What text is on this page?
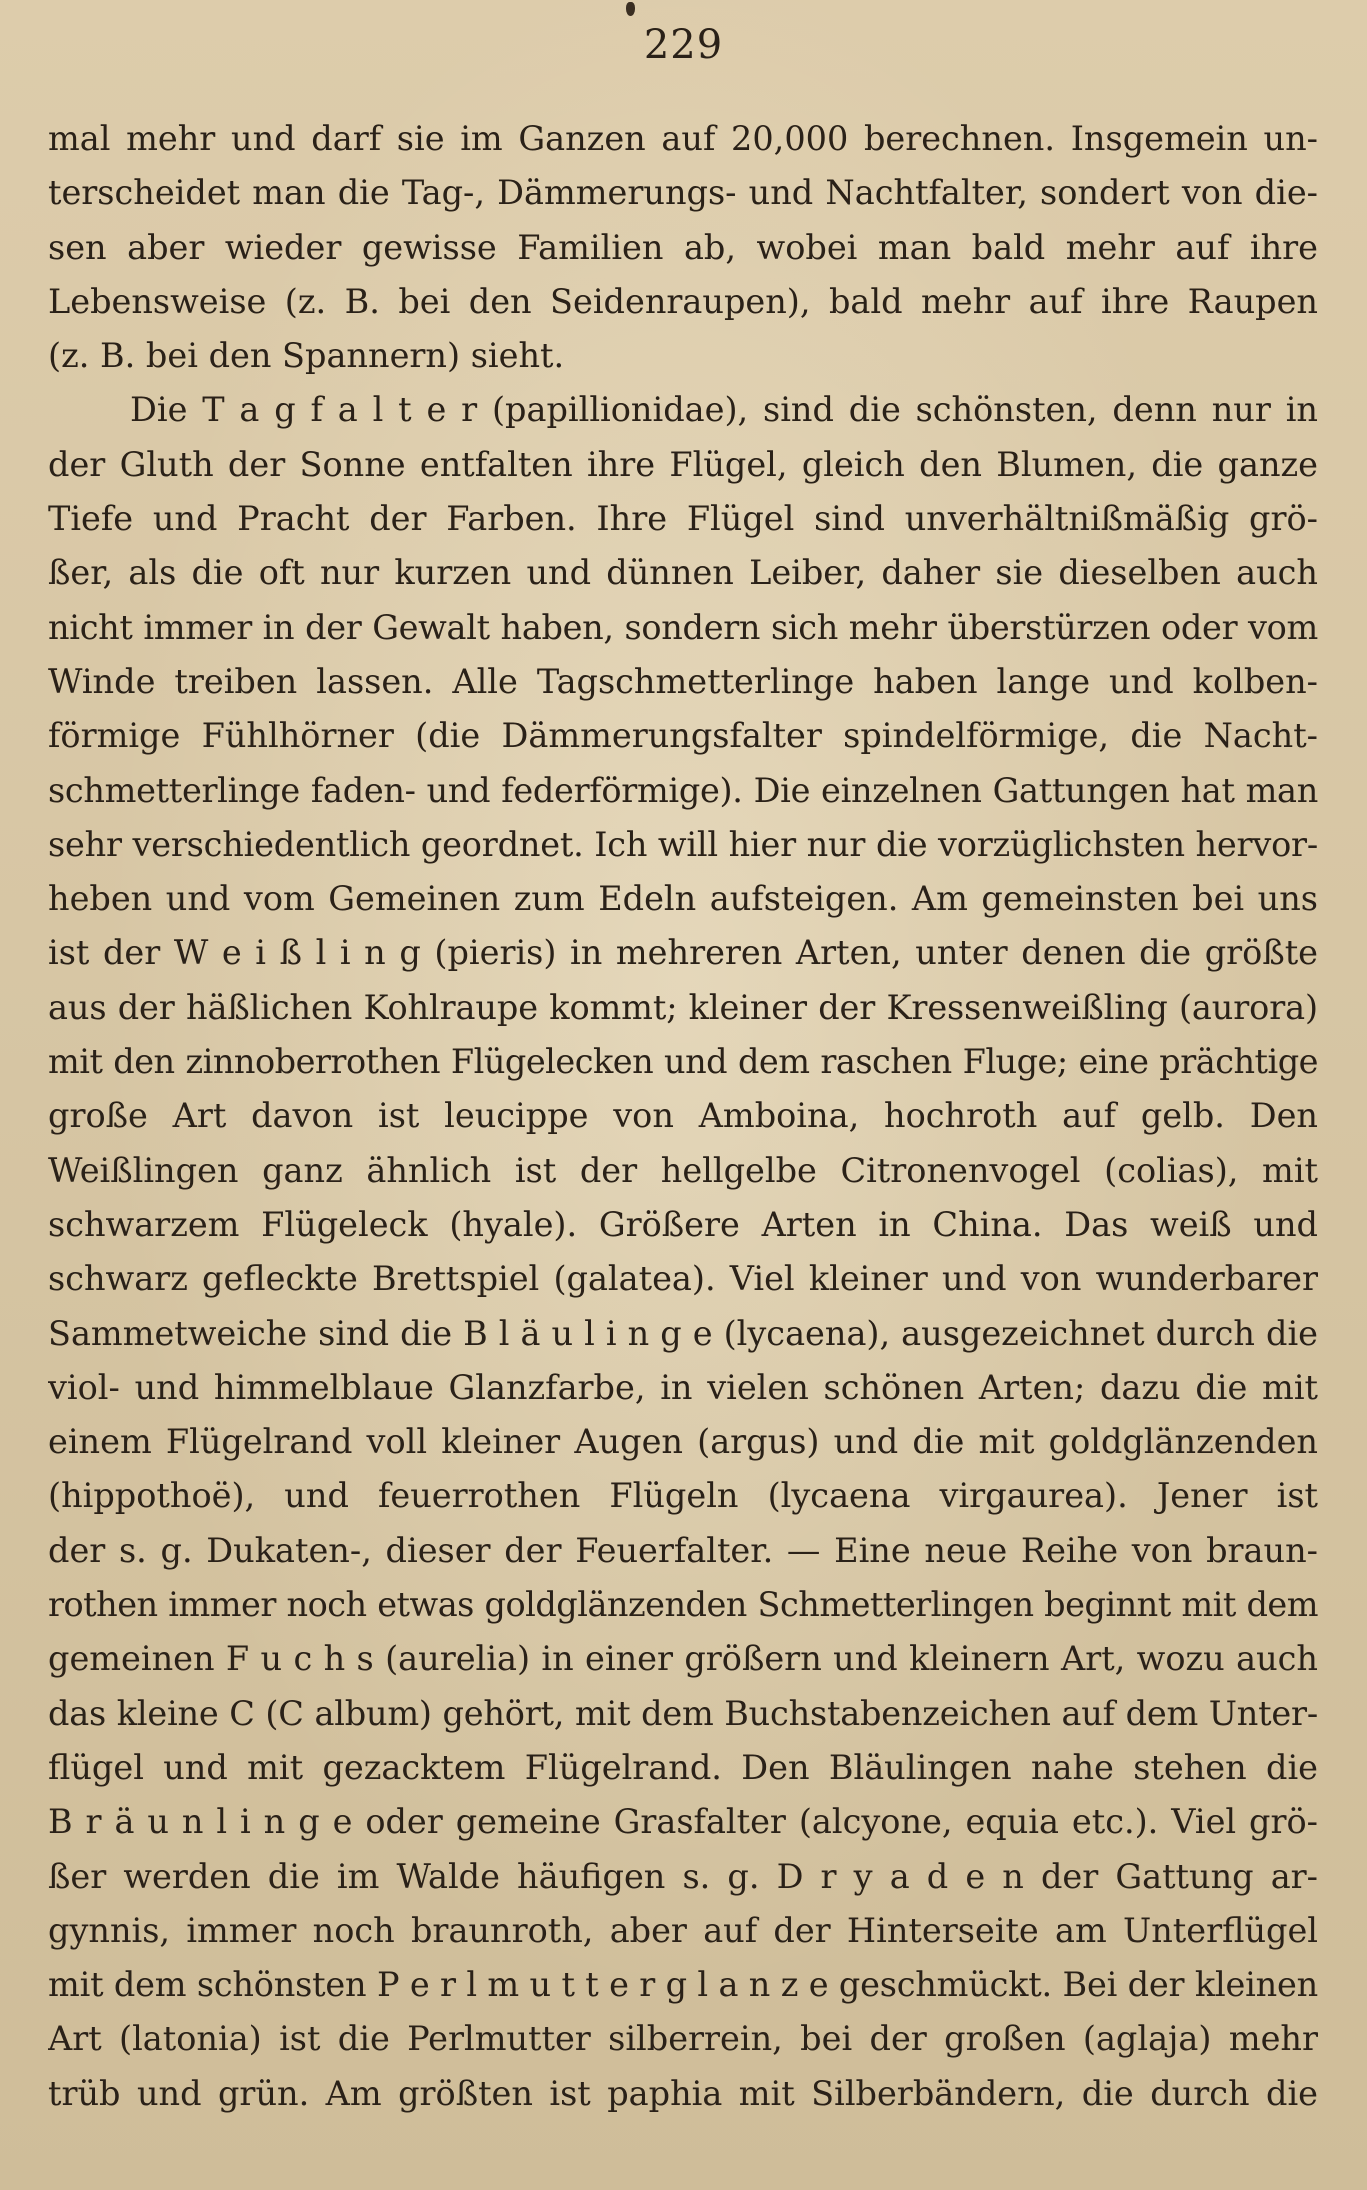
229
mal mehr und darf sie im Ganzen auf 20,000 berechnen. Insgemein un-
terscheidet man die Tag-, Dämmerungs- und Nachtfalter, sondert von die-
sen aber wieder gewisse Familien ab, wobei man bald mehr auf ihre
Lebensweise (z. B. bei den Seidenraupen), bald mehr auf ihre Raupen
(z. B. bei den Spannern) sieht.
Die T a g f a l t e r (papillionidae), sind die schönsten, denn nur in
der Gluth der Sonne entfalten ihre Flügel, gleich den Blumen, die ganze
Tiefe und Pracht der Farben. Ihre Flügel sind unverhältnißmäßig grö-
ßer, als die oft nur kurzen und dünnen Leiber, daher sie dieselben auch
nicht immer in der Gewalt haben, sondern sich mehr überstürzen oder vom
Winde treiben lassen. Alle Tagschmetterlinge haben lange und kolben-
förmige Fühlhörner (die Dämmerungsfalter spindelförmige, die Nacht-
schmetterlinge faden- und federförmige). Die einzelnen Gattungen hat man
sehr verschiedentlich geordnet. Ich will hier nur die vorzüglichsten hervor-
heben und vom Gemeinen zum Edeln aufsteigen. Am gemeinsten bei uns
ist der W e i ß l i n g (pieris) in mehreren Arten, unter denen die größte
aus der häßlichen Kohlraupe kommt; kleiner der Kressenweißling (aurora)
mit den zinnoberrothen Flügelecken und dem raschen Fluge; eine prächtige
große Art davon ist leucippe von Amboina, hochroth auf gelb. Den
Weißlingen ganz ähnlich ist der hellgelbe Citronenvogel (colias), mit
schwarzem Flügeleck (hyale). Größere Arten in China. Das weiß und
schwarz gefleckte Brettspiel (galatea). Viel kleiner und von wunderbarer
Sammetweiche sind die B l ä u l i n g e (lycaena), ausgezeichnet durch die
viol- und himmelblaue Glanzfarbe, in vielen schönen Arten; dazu die mit
einem Flügelrand voll kleiner Augen (argus) und die mit goldglänzenden
(hippothoë), und feuerrothen Flügeln (lycaena virgaurea). Jener ist
der s. g. Dukaten-, dieser der Feuerfalter. — Eine neue Reihe von braun-
rothen immer noch etwas goldglänzenden Schmetterlingen beginnt mit dem
gemeinen F u c h s (aurelia) in einer größern und kleinern Art, wozu auch
das kleine C (C album) gehört, mit dem Buchstabenzeichen auf dem Unter-
flügel und mit gezacktem Flügelrand. Den Bläulingen nahe stehen die
B r ä u n l i n g e oder gemeine Grasfalter (alcyone, equia etc.). Viel grö-
ßer werden die im Walde häufigen s. g. D r y a d e n der Gattung ar-
gynnis, immer noch braunroth, aber auf der Hinterseite am Unterflügel
mit dem schönsten P e r l m u t t e r g l a n z e geschmückt. Bei der kleinen
Art (latonia) ist die Perlmutter silberrein, bei der großen (aglaja) mehr
trüb und grün. Am größten ist paphia mit Silberbändern, die durch die
